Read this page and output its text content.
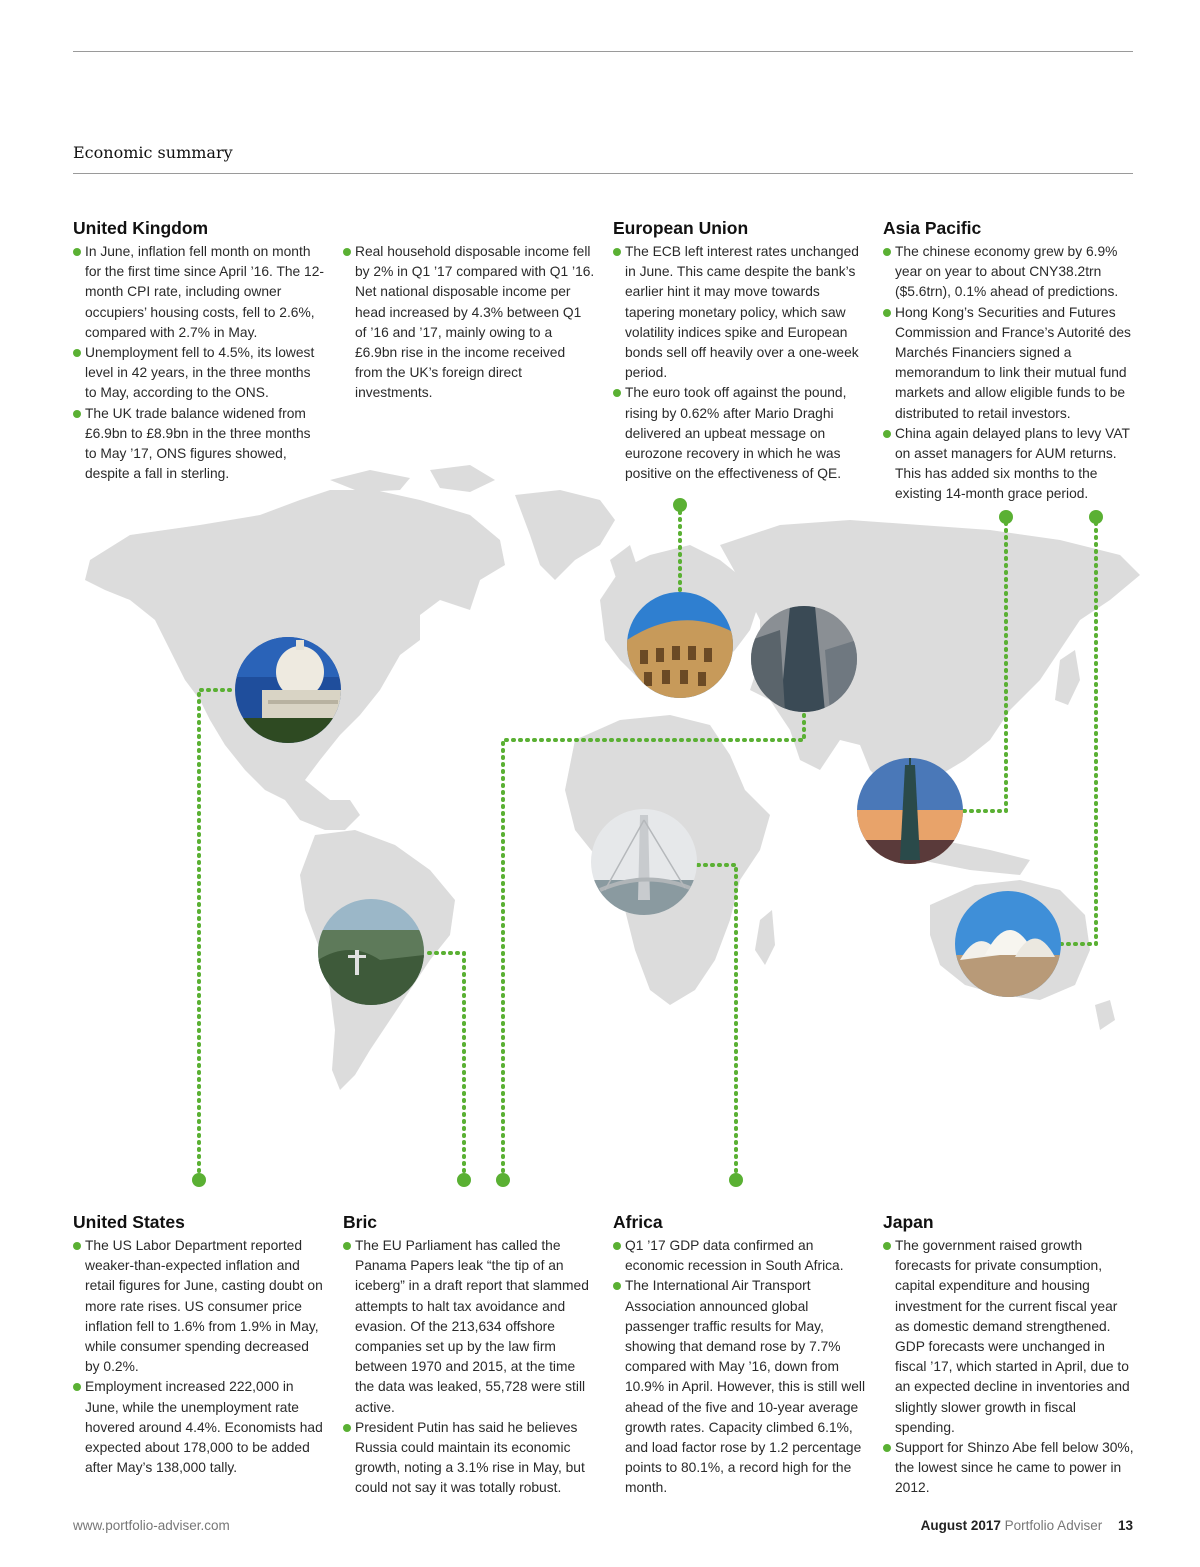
Economic summary
United Kingdom
In June, inflation fell month on month for the first time since April ’16. The 12-month CPI rate, including owner occupiers’ housing costs, fell to 2.6%, compared with 2.7% in May.
Unemployment fell to 4.5%, its lowest level in 42 years, in the three months to May, according to the ONS.
The UK trade balance widened from £6.9bn to £8.9bn in the three months to May ’17, ONS figures showed, despite a fall in sterling.
Real household disposable income fell by 2% in Q1 ’17 compared with Q1 ’16. Net national disposable income per head increased by 4.3% between Q1 of ’16 and ’17, mainly owing to a £6.9bn rise in the income received from the UK’s foreign direct investments.
European Union
The ECB left interest rates unchanged in June. This came despite the bank’s earlier hint it may move towards tapering monetary policy, which saw volatility indices spike and European bonds sell off heavily over a one-week period.
The euro took off against the pound, rising by 0.62% after Mario Draghi delivered an upbeat message on eurozone recovery in which he was positive on the effectiveness of QE.
Asia Pacific
The chinese economy grew by 6.9% year on year to about CNY38.2trn ($5.6trn), 0.1% ahead of predictions.
Hong Kong’s Securities and Futures Commission and France’s Autorité des Marchés Financiers signed a memorandum to link their mutual fund markets and allow eligible funds to be distributed to retail investors.
China again delayed plans to levy VAT on asset managers for AUM returns. This has added six months to the existing 14-month grace period.
United States
The US Labor Department reported weaker-than-expected inflation and retail figures for June, casting doubt on more rate rises. US consumer price inflation fell to 1.6% from 1.9% in May, while consumer spending decreased by 0.2%.
Employment increased 222,000 in June, while the unemployment rate hovered around 4.4%. Economists had expected about 178,000 to be added after May’s 138,000 tally.
Bric
The EU Parliament has called the Panama Papers leak “the tip of an iceberg” in a draft report that slammed attempts to halt tax avoidance and evasion. Of the 213,634 offshore companies set up by the law firm between 1970 and 2015, at the time the data was leaked, 55,728 were still active.
President Putin has said he believes Russia could maintain its economic growth, noting a 3.1% rise in May, but could not say it was totally robust.
Africa
Q1 ’17 GDP data confirmed an economic recession in South Africa.
The International Air Transport Association announced global passenger traffic results for May, showing that demand rose by 7.7% compared with May ’16, down from 10.9% in April. However, this is still well ahead of the five and 10-year average growth rates. Capacity climbed 6.1%, and load factor rose by 1.2 percentage points to 80.1%, a record high for the month.
Japan
The government raised growth forecasts for private consumption, capital expenditure and housing investment for the current fiscal year as domestic demand strengthened. GDP forecasts were unchanged in fiscal ’17, which started in April, due to an expected decline in inventories and slightly slower growth in fiscal spending.
Support for Shinzo Abe fell below 30%, the lowest since he came to power in 2012.
www.portfolio-adviser.com	August 2017 Portfolio Adviser 13
